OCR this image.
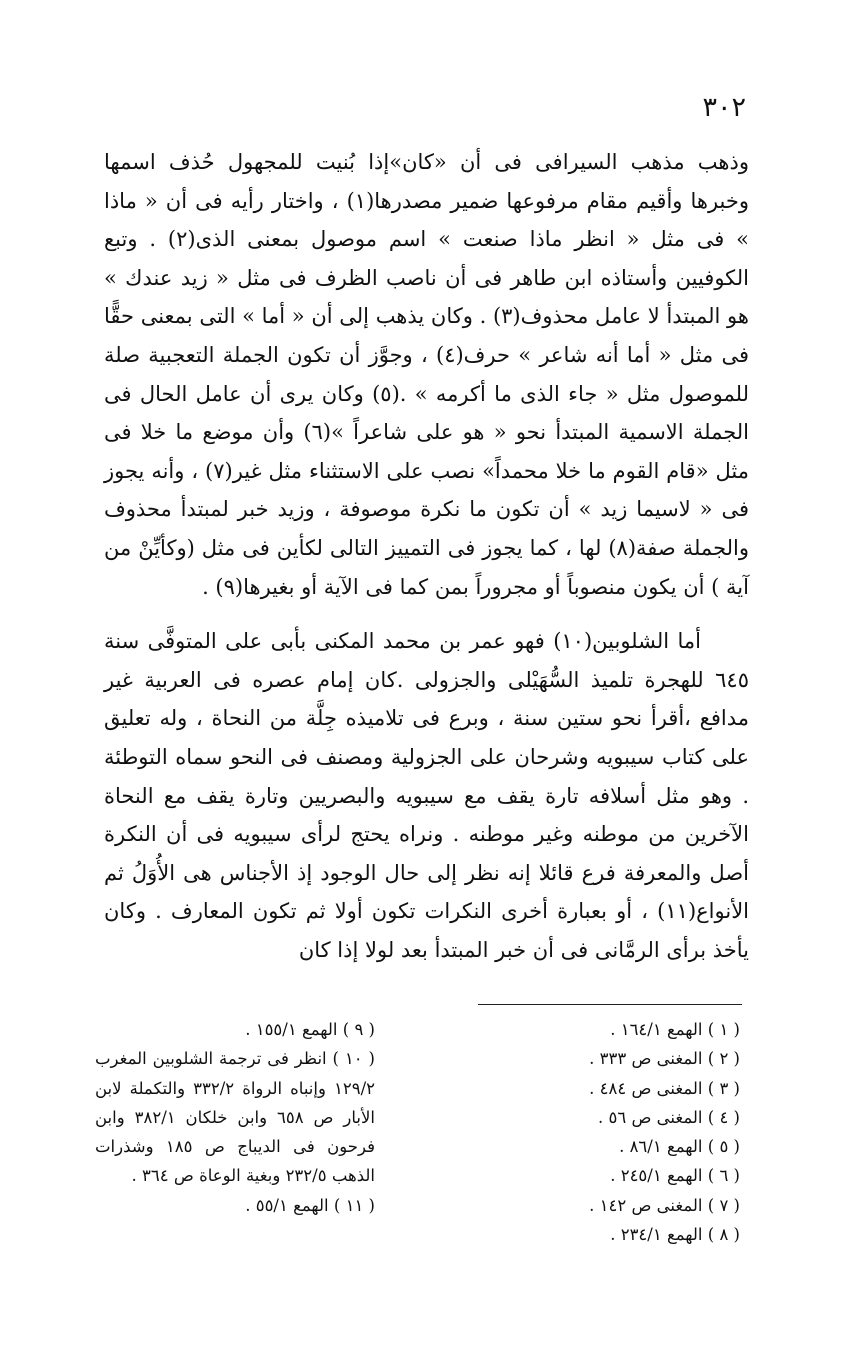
٣٠٢

وذهب مذهب السيرافى فى أن «كان»إذا بُنيت للمجهول حُذف اسمها وخبرها وأقيم مقام مرفوعها ضمير مصدرها(١) ، واختار رأيه فى أن « ماذا » فى مثل « انظر ماذا صنعت » اسم موصول بمعنى الذى(٢) . وتبع الكوفيين وأستاذه ابن طاهر فى أن ناصب الظرف فى مثل « زيد عندك » هو المبتدأ لا عامل محذوف(٣) . وكان يذهب إلى أن « أما » التى بمعنى حقًّا فى مثل « أما أنه شاعر » حرف(٤) ، وجوَّز أن تكون الجملة التعجبية صلة للموصول مثل « جاء الذى ما أكرمه » .(٥) وكان يرى أن عامل الحال فى الجملة الاسمية المبتدأ نحو « هو على شاعراً »(٦) وأن موضع ما خلا فى مثل «قام القوم ما خلا محمداً» نصب على الاستثناء مثل غير(٧) ، وأنه يجوز فى « لاسيما زيد » أن تكون ما نكرة موصوفة ، وزيد خبر لمبتدأ محذوف والجملة صفة(٨) لها ، كما يجوز فى التمييز التالى لكأين فى مثل (وكأيِّنْ من آية ) أن يكون منصوباً أو مجروراً بمن كما فى الآية أو بغيرها(٩) .

أما الشلوبين(١٠) فهو عمر بن محمد المكنى بأبى على المتوفَّى سنة ٦٤٥ للهجرة تلميذ السُّهَيْلى والجزولى .كان إمام عصره فى العربية غير مدافع ،أقرأ نحو ستين سنة ، وبرع فى تلاميذه جِلَّة من النحاة ، وله تعليق على كتاب سيبويه وشرحان على الجزولية ومصنف فى النحو سماه التوطئة . وهو مثل أسلافه تارة يقف مع سيبويه والبصريين وتارة يقف مع النحاة الآخرين من موطنه وغير موطنه . ونراه يحتج لرأى سيبويه فى أن النكرة أصل والمعرفة فرع قائلا إنه نظر إلى حال الوجود إذ الأجناس هى الأُوَلُ ثم الأنواع(١١) ، أو بعبارة أخرى النكرات تكون أولا ثم تكون المعارف . وكان يأخذ برأى الرمَّانى فى أن خبر المبتدأ بعد لولا إذا كان

( ١ ) الهمع ١٦٤/١ .
( ٢ ) المغنى ص ٣٣٣ .
( ٣ ) المغنى ص ٤٨٤ .
( ٤ ) المغنى ص ٥٦ .
( ٥ ) الهمع ٨٦/١ .
( ٦ ) الهمع ٢٤٥/١ .
( ٧ ) المغنى ص ١٤٢ .
( ٨ ) الهمع ٢٣٤/١ .
( ٩ ) الهمع ١٥٥/١ .
( ١٠ ) انظر فى ترجمة الشلوبين المغرب ١٢٩/٢ وإنباه الرواة ٣٣٢/٢ والتكملة لابن الأبار ص ٦٥٨ وابن خلكان ٣٨٢/١ وابن فرحون فى الديباج ص ١٨٥ وشذرات الذهب ٢٣٢/٥ وبغية الوعاة ص ٣٦٤ .
( ١١ ) الهمع ٥٥/١ .
